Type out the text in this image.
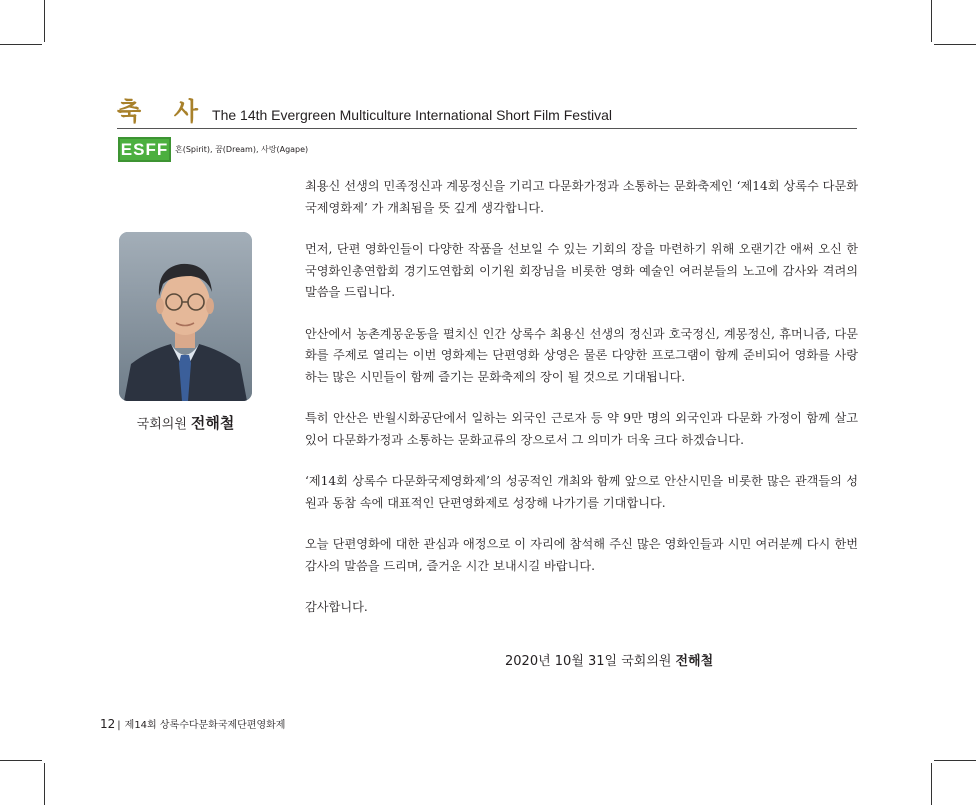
축 사 The 14th Evergreen Multiculture International Short Film Festival
ESFF 혼(Spirit), 꿈(Dream), 사랑(Agape)
국회의원 전해철

최용신 선생의 민족정신과 계몽정신을 기리고 다문화가정과 소통하는 문화축제인 ‘제14회 상록수 다문화국제영화제’ 가 개최됨을 뜻 깊게 생각합니다.

먼저, 단편 영화인들이 다양한 작품을 선보일 수 있는 기회의 장을 마련하기 위해 오랜기간 애써 오신 한국영화인총연합회 경기도연합회 이기원 회장님을 비롯한 영화 예술인 여러분들의 노고에 감사와 격려의 말씀을 드립니다.

안산에서 농촌계몽운동을 펼치신 인간 상록수 최용신 선생의 정신과 호국정신, 계몽정신, 휴머니즘, 다문화를 주제로 열리는 이번 영화제는 단편영화 상영은 물론 다양한 프로그램이 함께 준비되어 영화를 사랑하는 많은 시민들이 함께 즐기는 문화축제의 장이 될 것으로 기대됩니다.

특히 안산은 반월시화공단에서 일하는 외국인 근로자 등 약 9만 명의 외국인과 다문화 가정이 함께 살고 있어 다문화가정과 소통하는 문화교류의 장으로서 그 의미가 더욱 크다 하겠습니다.

‘제14회 상록수 다문화국제영화제’의 성공적인 개최와 함께 앞으로 안산시민을 비롯한 많은 관객들의 성원과 동참 속에 대표적인 단편영화제로 성장해 나가기를 기대합니다.

오늘 단편영화에 대한 관심과 애정으로 이 자리에 참석해 주신 많은 영화인들과 시민 여러분께 다시 한번 감사의 말씀을 드리며, 즐거운 시간 보내시길 바랍니다.

감사합니다.

2020년 10월 31일 국회의원 전해철
12 | 제14회 상록수다문화국제단편영화제
